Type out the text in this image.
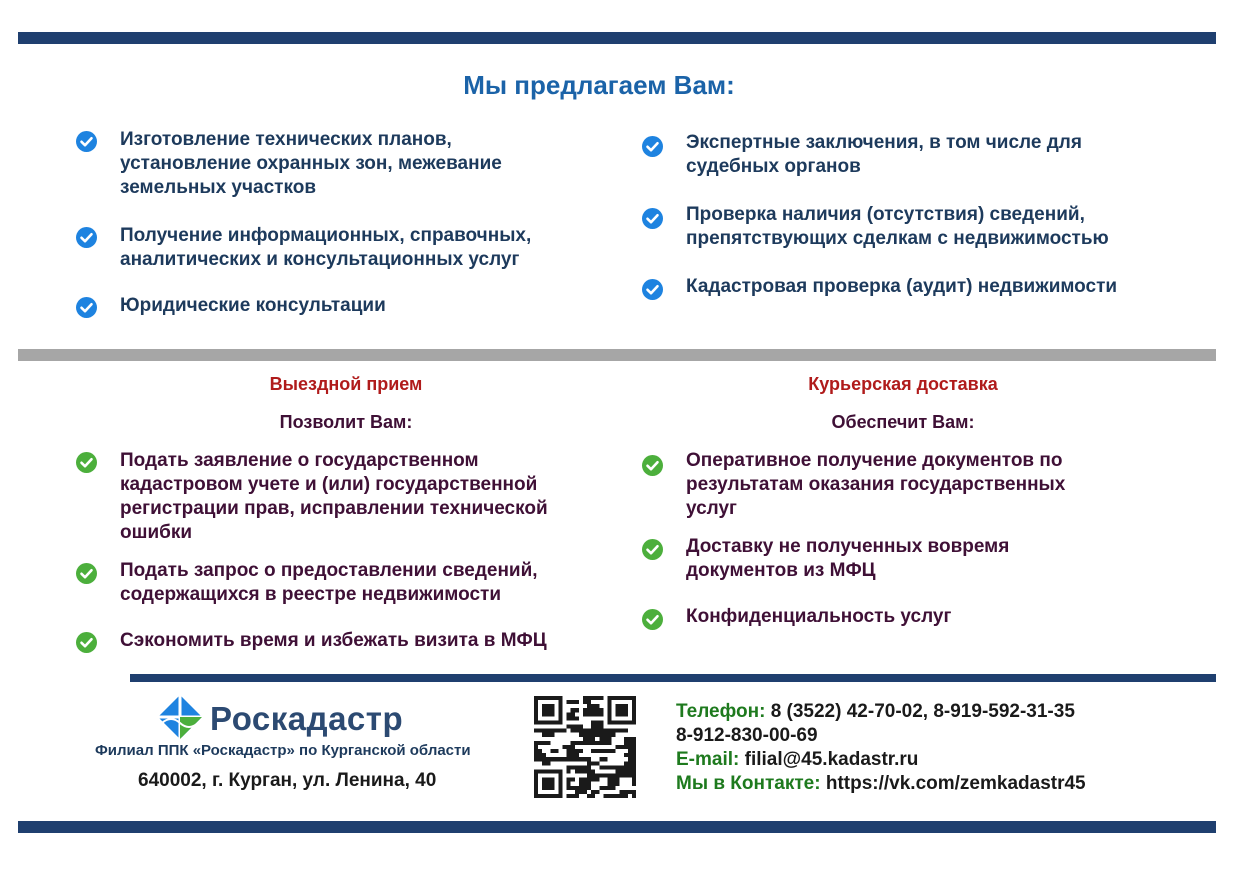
Мы предлагаем Вам:
Изготовление технических планов,
установление охранных зон, межевание
земельных участков
Получение информационных, справочных,
аналитических и консультационных услуг
Юридические консультации
Экспертные заключения, в том числе для
судебных органов
Проверка наличия (отсутствия) сведений,
препятствующих сделкам с недвижимостью
Кадастровая проверка (аудит) недвижимости
Выездной прием
Позволит Вам:
Курьерская доставка
Обеспечит Вам:
Подать заявление о государственном
кадастровом учете и (или) государственной
регистрации прав, исправлении технической
ошибки
Подать запрос о предоставлении сведений,
содержащихся в реестре недвижимости
Сэкономить время и избежать визита в МФЦ
Оперативное получение документов по
результатам оказания государственных
услуг
Доставку не полученных вовремя
документов из МФЦ
Конфиденциальность услуг
Роскадастр
Филиал ППК «Роскадастр» по Курганской области
640002, г. Курган, ул. Ленина, 40
Телефон: 8 (3522) 42-70-02, 8-919-592-31-35
8-912-830-00-69
E-mail: filial@45.kadastr.ru
Мы в Контакте: https://vk.com/zemkadastr45
